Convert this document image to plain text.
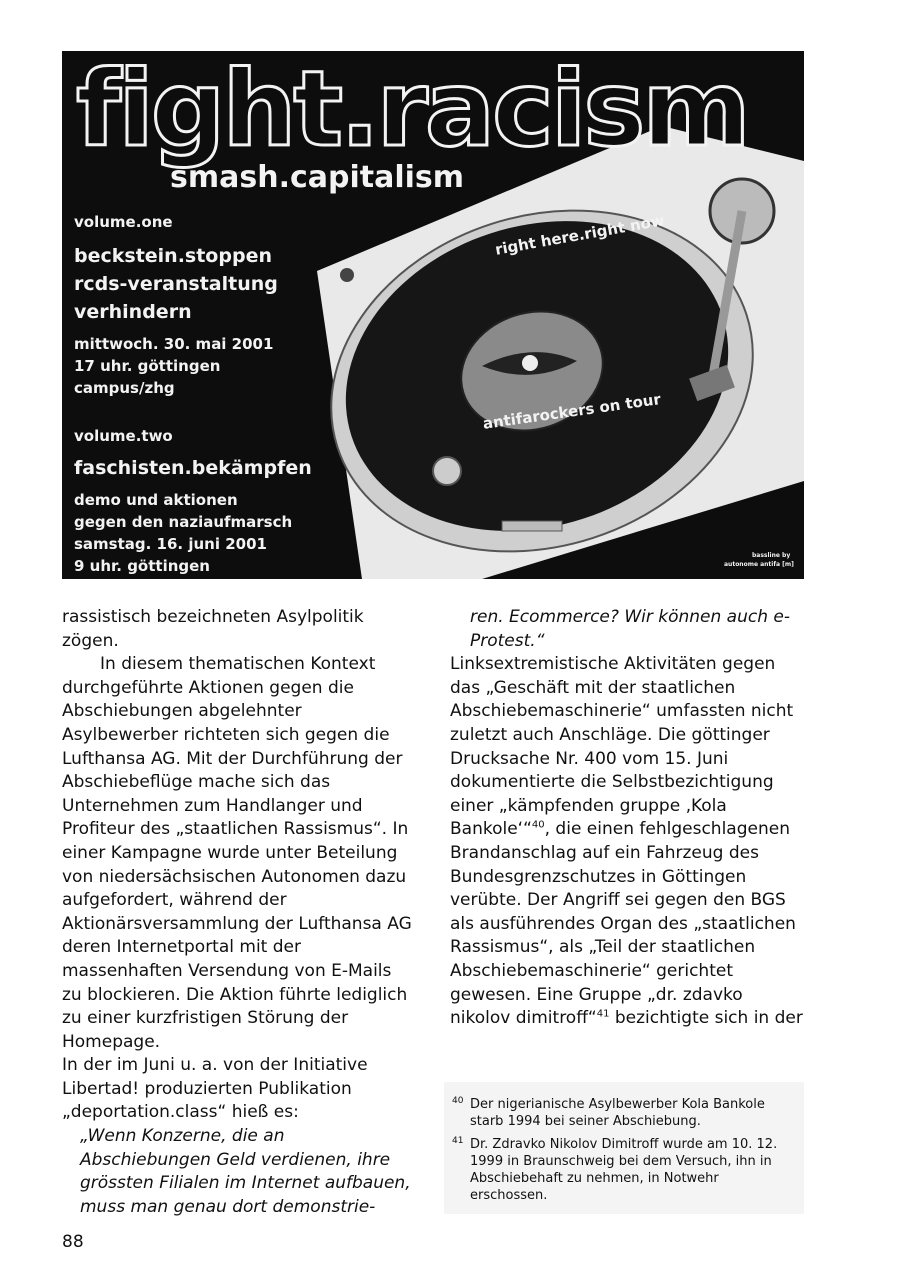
fight.racism
smash.capitalism
volume.one
beckstein.stoppen
rcds-veranstaltung
verhindern
mittwoch. 30. mai 2001
17 uhr. göttingen
campus/zhg
volume.two
faschisten.bekämpfen
demo und aktionen
gegen den naziaufmarsch
samstag. 16. juni 2001
9 uhr. göttingen
right here.right now
antifarockers on tour
bassline by
autonome antifa [m]

rassistisch bezeichneten Asylpolitik zögen.

In diesem thematischen Kontext durchgeführte Aktionen gegen die Abschiebungen abgelehnter Asylbewerber richteten sich gegen die Lufthansa AG. Mit der Durchführung der Abschiebeflüge mache sich das Unternehmen zum Handlanger und Profiteur des „staatlichen Rassismus“. In einer Kampagne wurde unter Beteilung von niedersächsischen Autonomen dazu aufgefordert, während der Aktionärsversammlung der Lufthansa AG deren Internetportal mit der massenhaften Versendung von E-Mails zu blockieren. Die Aktion führte lediglich zu einer kurzfristigen Störung der Homepage.

In der im Juni u. a. von der Initiative Libertad! produzierten Publikation „deportation.class“ hieß es:

„Wenn Konzerne, die an Abschiebungen Geld verdienen, ihre grössten Filialen im Internet aufbauen, muss man genau dort demonstrie-

ren. Ecommerce? Wir können auch e-Protest.“

Linksextremistische Aktivitäten gegen das „Geschäft mit der staatlichen Abschiebemaschinerie“ umfassten nicht zuletzt auch Anschläge. Die göttinger Drucksache Nr. 400 vom 15. Juni dokumentierte die Selbstbezichtigung einer „kämpfenden gruppe ‚Kola Bankole‘“$^{40}$, die einen fehlgeschlagenen Brandanschlag auf ein Fahrzeug des Bundesgrenzschutzes in Göttingen verübte. Der Angriff sei gegen den BGS als ausführendes Organ des „staatlichen Rassismus“, als „Teil der staatlichen Abschiebemaschinerie“ gerichtet gewesen. Eine Gruppe „dr. zdavko nikolov dimitroff“$^{41}$ bezichtigte sich in der

40 Der nigerianische Asylbewerber Kola Bankole starb 1994 bei seiner Abschiebung.
41 Dr. Zdravko Nikolov Dimitroff wurde am 10. 12. 1999 in Braunschweig bei dem Versuch, ihn in Abschiebehaft zu nehmen, in Notwehr erschossen.
88
